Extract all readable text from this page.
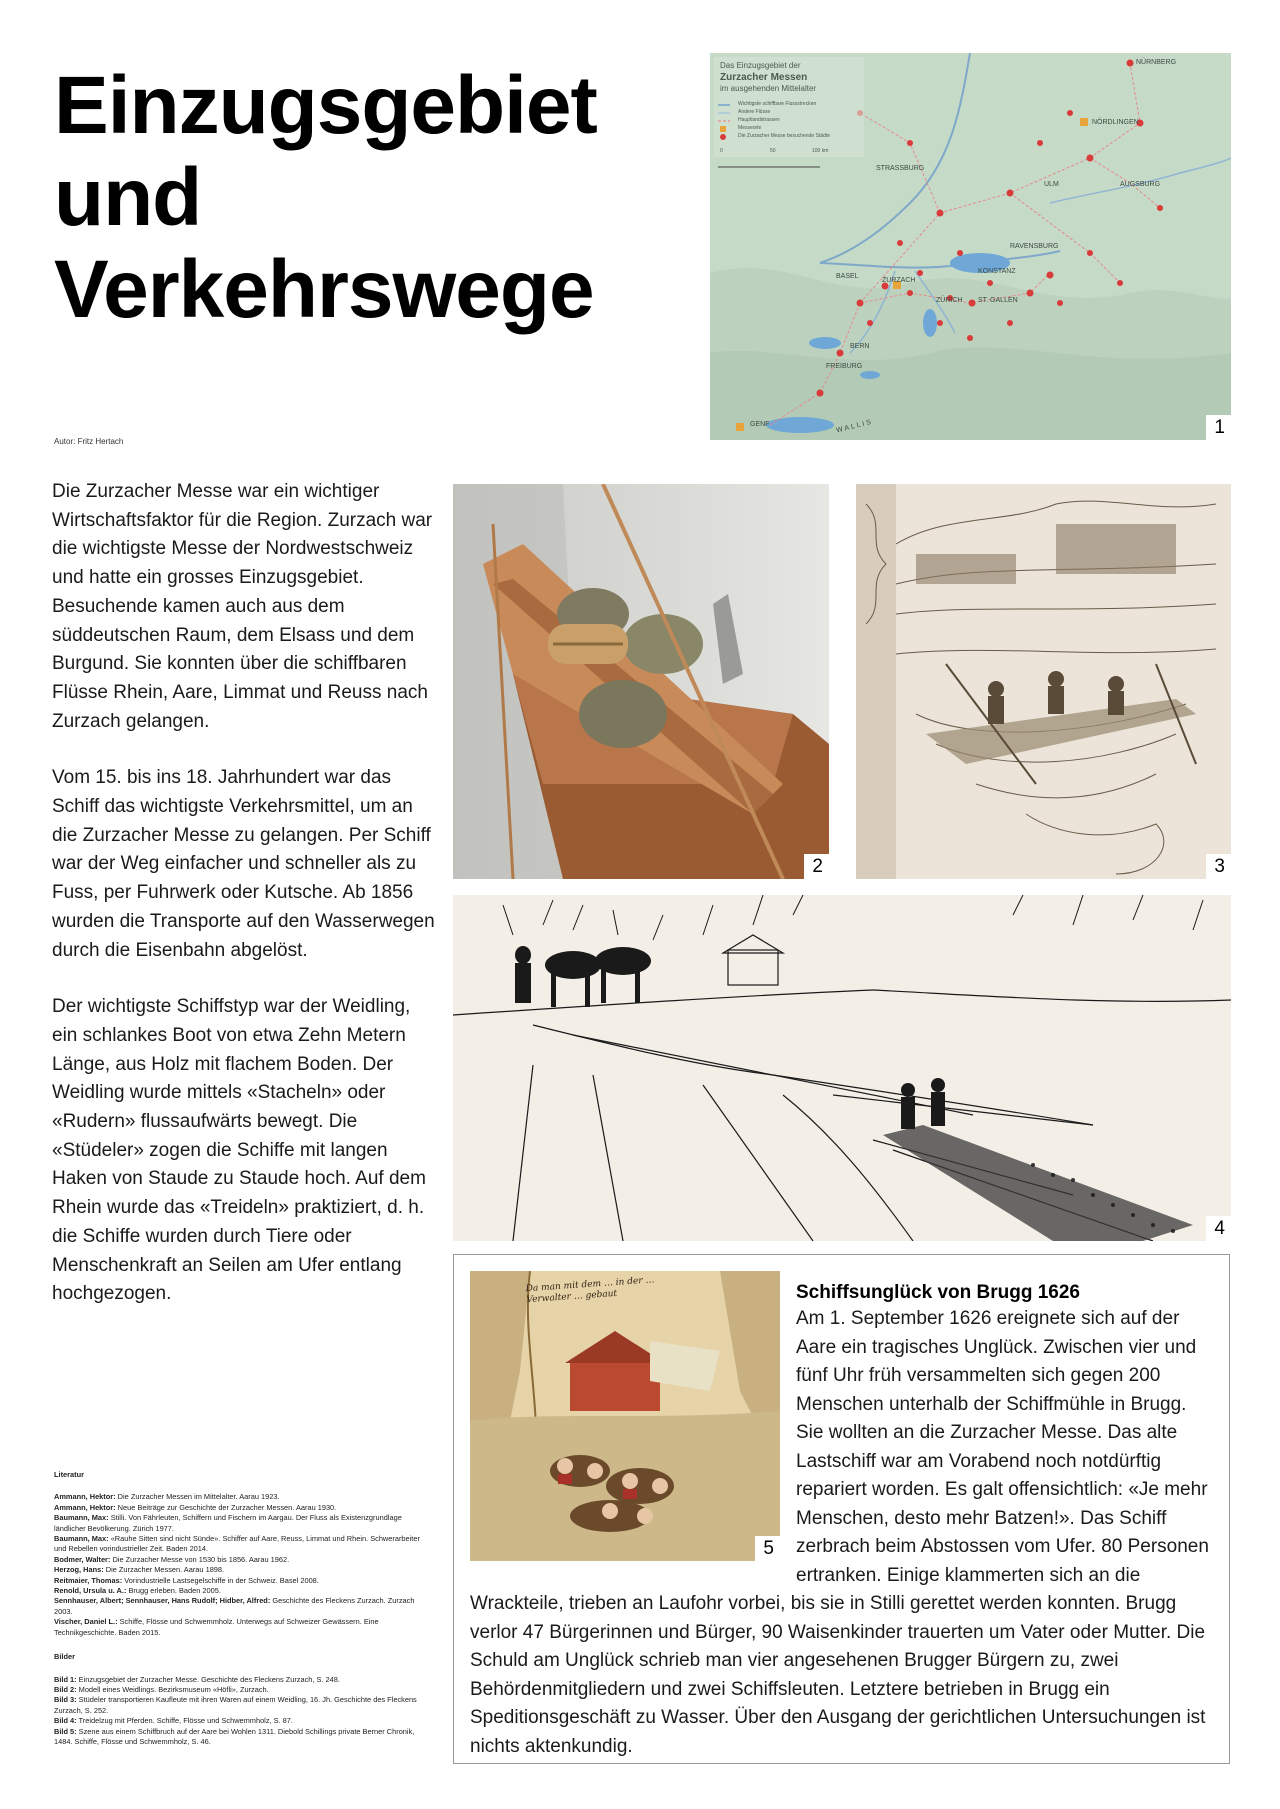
Einzugsgebiet
und
Verkehrswege
Autor: Fritz Hertach
Das Einzugsgebiet der
Zurzacher Messen
im ausgehenden Mittelalter
Wichtigste schiffbare Flussstrecken
Andere Flüsse
Hauptlandstrassen
Messeorte
Die Zurzacher Messe besuchende Städte
0	50	100 km
NÜRNBERG
NÖRDLINGEN
STRASSBURG
ULM	AUGSBURG
RAVENSBURG
KONSTANZ
BASEL
ZURZACH
ZÜRICH ST. GALLEN
BERN
FREIBURG
GENF	WALLIS	1

Die Zurzacher Messe war ein wichtiger Wirtschaftsfaktor für die Region. Zurzach war die wichtigste Messe der Nordwestschweiz und hatte ein grosses Einzugsgebiet. Besuchende kamen auch aus dem süddeutschen Raum, dem Elsass und dem Burgund. Sie konnten über die schiffbaren Flüsse Rhein, Aare, Limmat und Reuss nach Zurzach gelangen.

Vom 15. bis ins 18. Jahrhundert war das Schiff das wichtigste Verkehrsmittel, um an die Zurzacher Messe zu gelangen. Per Schiff war der Weg einfacher und schneller als zu Fuss, per Fuhrwerk oder Kutsche. Ab 1856 wurden die Transporte auf den Wasserwegen durch die Eisenbahn abgelöst.

Der wichtigste Schiffstyp war der Weidling, ein schlankes Boot von etwa Zehn Metern Länge, aus Holz mit flachem Boden. Der Weidling wurde mittels «Stacheln» oder «Rudern» flussaufwärts bewegt. Die «Stüdeler» zogen die Schiffe mit langen Haken von Staude zu Staude hoch. Auf dem Rhein wurde das «Treideln» praktiziert, d. h. die Schiffe wurden durch Tiere oder Menschenkraft an Seilen am Ufer entlang hochgezogen.

2	3
4
Da man mit dem … in der … Verwalter … gebaut
5
Schiffsunglück von Brugg 1626

Am 1. September 1626 ereignete sich auf der Aare ein tragisches Unglück. Zwischen vier und fünf Uhr früh versammelten sich gegen 200 Menschen unterhalb der Schiffmühle in Brugg. Sie wollten an die Zurzacher Messe. Das alte Lastschiff war am Vorabend noch notdürftig repariert worden. Es galt offensichtlich: «Je mehr Menschen, desto mehr Batzen!». Das Schiff zerbrach beim Abstossen vom Ufer. 80 Personen ertranken. Einige klammerten sich an die Wrackteile, trieben an Laufohr vorbei, bis sie in Stilli gerettet werden konnten. Brugg verlor 47 Bürgerinnen und Bürger, 90 Waisenkinder trauerten um Vater oder Mutter. Die Schuld am Unglück schrieb man vier angesehenen Brugger Bürgern zu, zwei Behördenmitgliedern und zwei Schiffsleuten. Letztere betrieben in Brugg ein Speditionsgeschäft zu Wasser. Über den Ausgang der gerichtlichen Untersuchungen ist nichts aktenkundig.

Literatur

Ammann, Hektor: Die Zurzacher Messen im Mittelalter. Aarau 1923.

Ammann, Hektor: Neue Beiträge zur Geschichte der Zurzacher Messen. Aarau 1930.

Baumann, Max: Stilli. Von Fährleuten, Schiffern und Fischern im Aargau. Der Fluss als Existenzgrundlage ländlicher Bevölkerung. Zürich 1977.

Baumann, Max: «Rauhe Sitten sind nicht Sünde». Schiffer auf Aare, Reuss, Limmat und Rhein. Schwerarbeiter und Rebellen vorindustrieller Zeit. Baden 2014.

Bodmer, Walter: Die Zurzacher Messe von 1530 bis 1856. Aarau 1962.

Herzog, Hans: Die Zurzacher Messen. Aarau 1898.

Reitmaier, Thomas: Vorindustrielle Lastsegelschiffe in der Schweiz. Basel 2008.

Renold, Ursula u. A.: Brugg erleben. Baden 2005.

Sennhauser, Albert; Sennhauser, Hans Rudolf; Hidber, Alfred: Geschichte des Fleckens Zurzach. Zurzach 2003.

Vischer, Daniel L.: Schiffe, Flösse und Schwemmholz. Unterwegs auf Schweizer Gewässern. Eine Technikgeschichte. Baden 2015.

Bilder

Bild 1: Einzugsgebiet der Zurzacher Messe. Geschichte des Fleckens Zurzach, S. 248.

Bild 2: Modell eines Weidlings. Bezirksmuseum «Höfli», Zurzach.

Bild 3: Stüdeler transportieren Kaufleute mit ihren Waren auf einem Weidling, 16. Jh. Geschichte des Fleckens Zurzach, S. 252.

Bild 4: Treidelzug mit Pferden. Schiffe, Flösse und Schwemmholz, S. 87.

Bild 5: Szene aus einem Schiffbruch auf der Aare bei Wohlen 1311. Diebold Schillings private Berner Chronik, 1484. Schiffe, Flösse und Schwemmholz, S. 46.
